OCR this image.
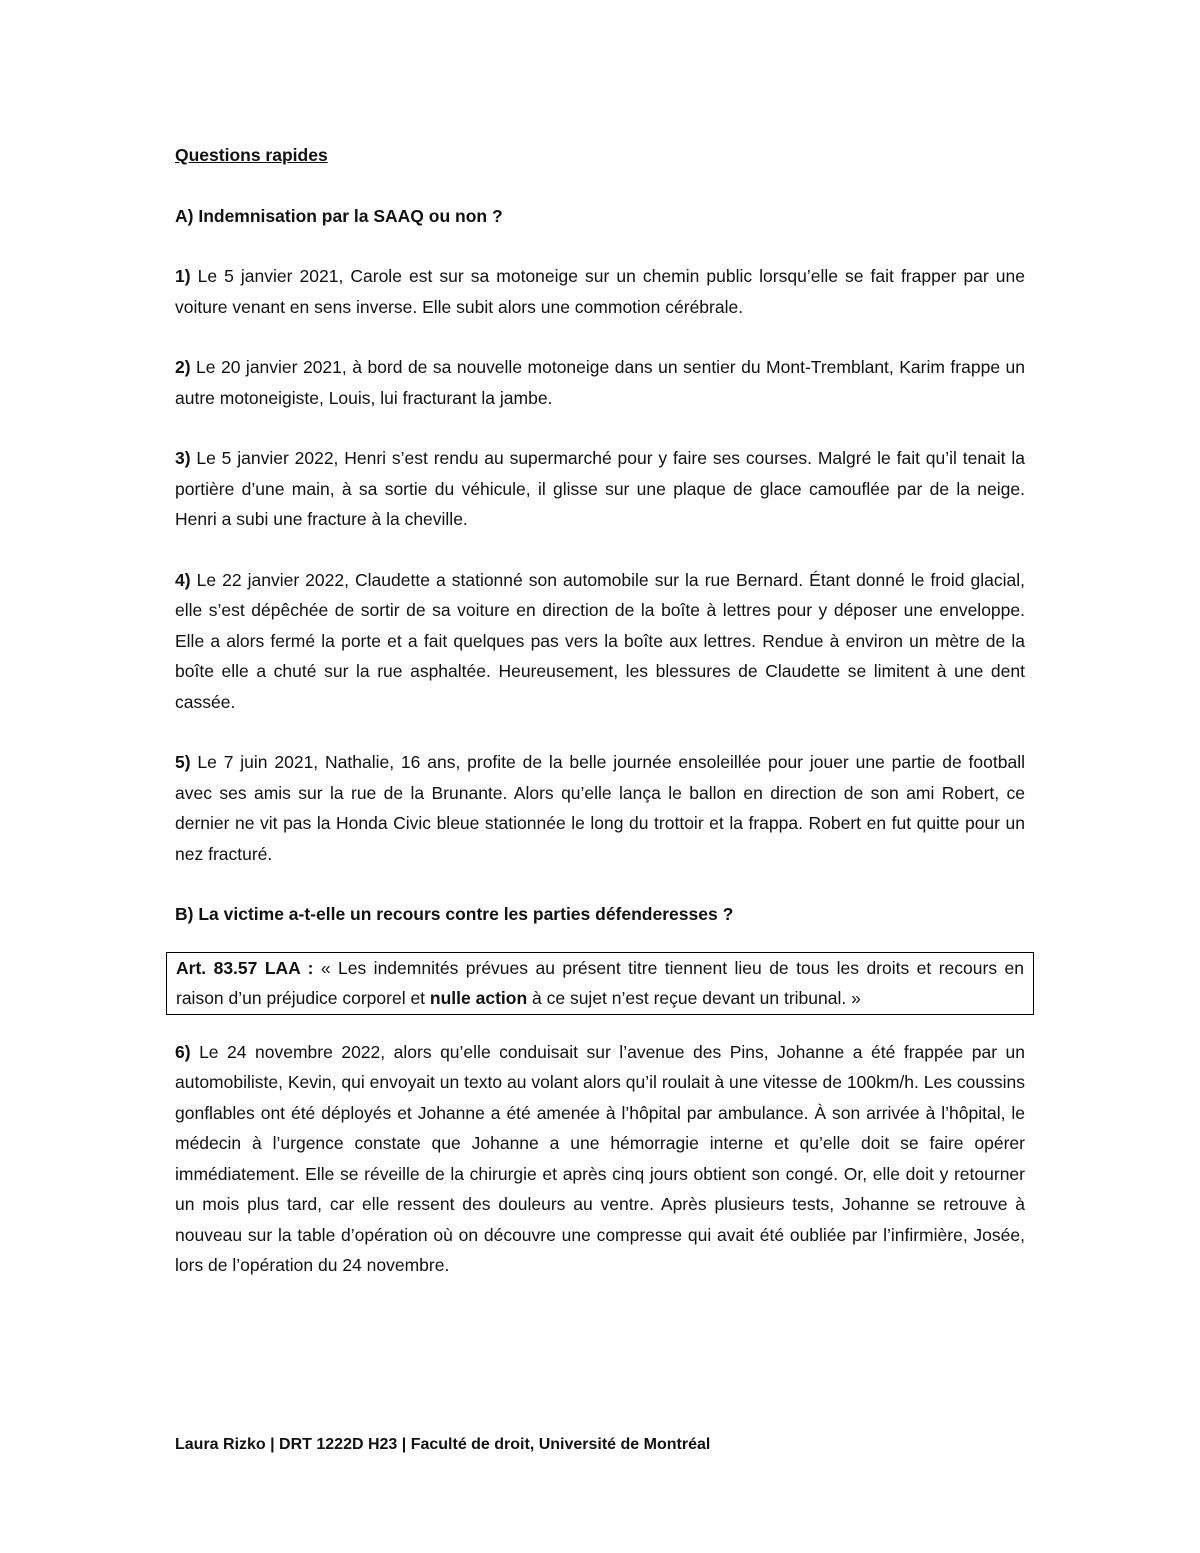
Questions rapides
A) Indemnisation par la SAAQ ou non ?

1) Le 5 janvier 2021, Carole est sur sa motoneige sur un chemin public lorsqu’elle se fait frapper par une voiture venant en sens inverse. Elle subit alors une commotion cérébrale.

2) Le 20 janvier 2021, à bord de sa nouvelle motoneige dans un sentier du Mont-Tremblant, Karim frappe un autre motoneigiste, Louis, lui fracturant la jambe.

3) Le 5 janvier 2022, Henri s’est rendu au supermarché pour y faire ses courses. Malgré le fait qu’il tenait la portière d’une main, à sa sortie du véhicule, il glisse sur une plaque de glace camouflée par de la neige. Henri a subi une fracture à la cheville.

4) Le 22 janvier 2022, Claudette a stationné son automobile sur la rue Bernard. Étant donné le froid glacial, elle s’est dépêchée de sortir de sa voiture en direction de la boîte à lettres pour y déposer une enveloppe. Elle a alors fermé la porte et a fait quelques pas vers la boîte aux lettres. Rendue à environ un mètre de la boîte elle a chuté sur la rue asphaltée. Heureusement, les blessures de Claudette se limitent à une dent cassée.

5) Le 7 juin 2021, Nathalie, 16 ans, profite de la belle journée ensoleillée pour jouer une partie de football avec ses amis sur la rue de la Brunante. Alors qu’elle lança le ballon en direction de son ami Robert, ce dernier ne vit pas la Honda Civic bleue stationnée le long du trottoir et la frappa. Robert en fut quitte pour un nez fracturé.

B) La victime a-t-elle un recours contre les parties défenderesses ?

Art. 83.57 LAA : « Les indemnités prévues au présent titre tiennent lieu de tous les droits et recours en raison d’un préjudice corporel et nulle action à ce sujet n’est reçue devant un tribunal. »

6) Le 24 novembre 2022, alors qu’elle conduisait sur l’avenue des Pins, Johanne a été frappée par un automobiliste, Kevin, qui envoyait un texto au volant alors qu’il roulait à une vitesse de 100km/h. Les coussins gonflables ont été déployés et Johanne a été amenée à l’hôpital par ambulance. À son arrivée à l’hôpital, le médecin à l’urgence constate que Johanne a une hémorragie interne et qu’elle doit se faire opérer immédiatement. Elle se réveille de la chirurgie et après cinq jours obtient son congé. Or, elle doit y retourner un mois plus tard, car elle ressent des douleurs au ventre. Après plusieurs tests, Johanne se retrouve à nouveau sur la table d’opération où on découvre une compresse qui avait été oubliée par l’infirmière, Josée, lors de l’opération du 24 novembre.

Laura Rizko | DRT 1222D H23 | Faculté de droit, Université de Montréal
